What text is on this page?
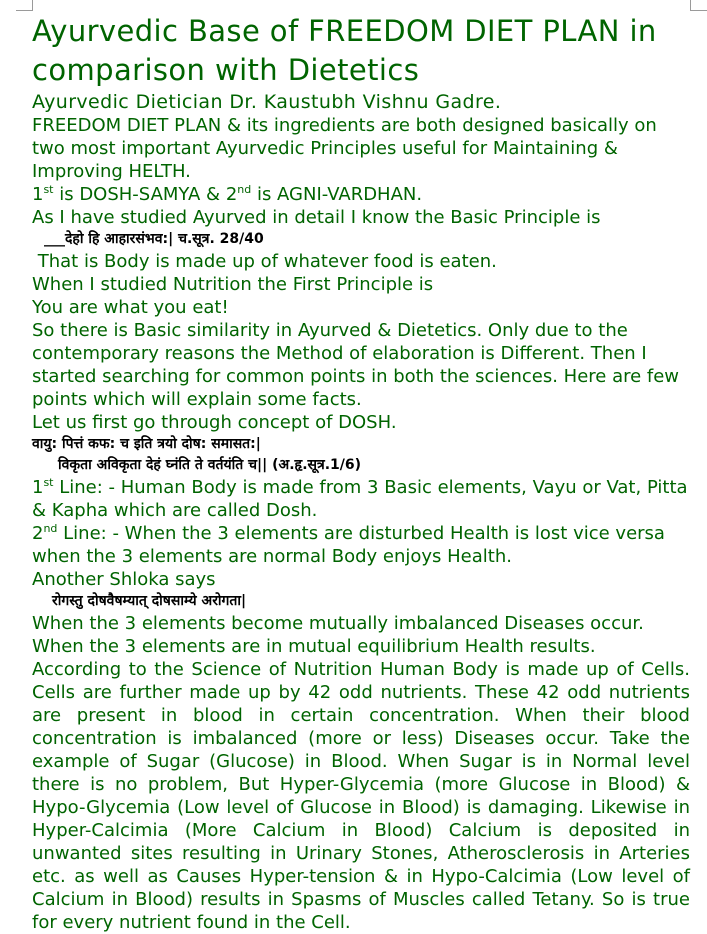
Ayurvedic Base of FREEDOM DIET PLAN in comparison with Dietetics
Ayurvedic Dietician Dr. Kaustubh Vishnu Gadre.
FREEDOM DIET PLAN & its ingredients are both designed basically on two most important Ayurvedic Principles useful for Maintaining & Improving HELTH.
1st is DOSH-SAMYA & 2nd is AGNI-VARDHAN.
As I have studied Ayurved in detail I know the Basic Principle is
___देहो हि आहारसंभव:| च.सूत्र. 28/40
That is Body is made up of whatever food is eaten.
When I studied Nutrition the First Principle is
You are what you eat!
So there is Basic similarity in Ayurved & Dietetics. Only due to the contemporary reasons the Method of elaboration is Different. Then I started searching for common points in both the sciences. Here are few points which will explain some facts.
Let us first go through concept of DOSH.
वायु: पित्तं कफ: च इति त्रयो दोष: समासत:|
विकृता अविकृता देहं घ्नंति ते वर्तयंति च|| (अ.हृ.सूत्र.1/6)
1st Line: - Human Body is made from 3 Basic elements, Vayu or Vat, Pitta & Kapha which are called Dosh.
2nd Line: - When the 3 elements are disturbed Health is lost vice versa when the 3 elements are normal Body enjoys Health.
Another Shloka says
रोगस्तु दोषवैषम्यात् दोषसाम्ये अरोगता|
When the 3 elements become mutually imbalanced Diseases occur.
When the 3 elements are in mutual equilibrium Health results.
According to the Science of Nutrition Human Body is made up of Cells. Cells are further made up by 42 odd nutrients. These 42 odd nutrients are present in blood in certain concentration. When their blood concentration is imbalanced (more or less) Diseases occur. Take the example of Sugar (Glucose) in Blood. When Sugar is in Normal level there is no problem, But Hyper-Glycemia (more Glucose in Blood) & Hypo-Glycemia (Low level of Glucose in Blood) is damaging. Likewise in Hyper-Calcimia (More Calcium in Blood) Calcium is deposited in unwanted sites resulting in Urinary Stones, Atherosclerosis in Arteries etc. as well as Causes Hyper-tension & in Hypo-Calcimia (Low level of Calcium in Blood) results in Spasms of Muscles called Tetany. So is true for every nutrient found in the Cell.
